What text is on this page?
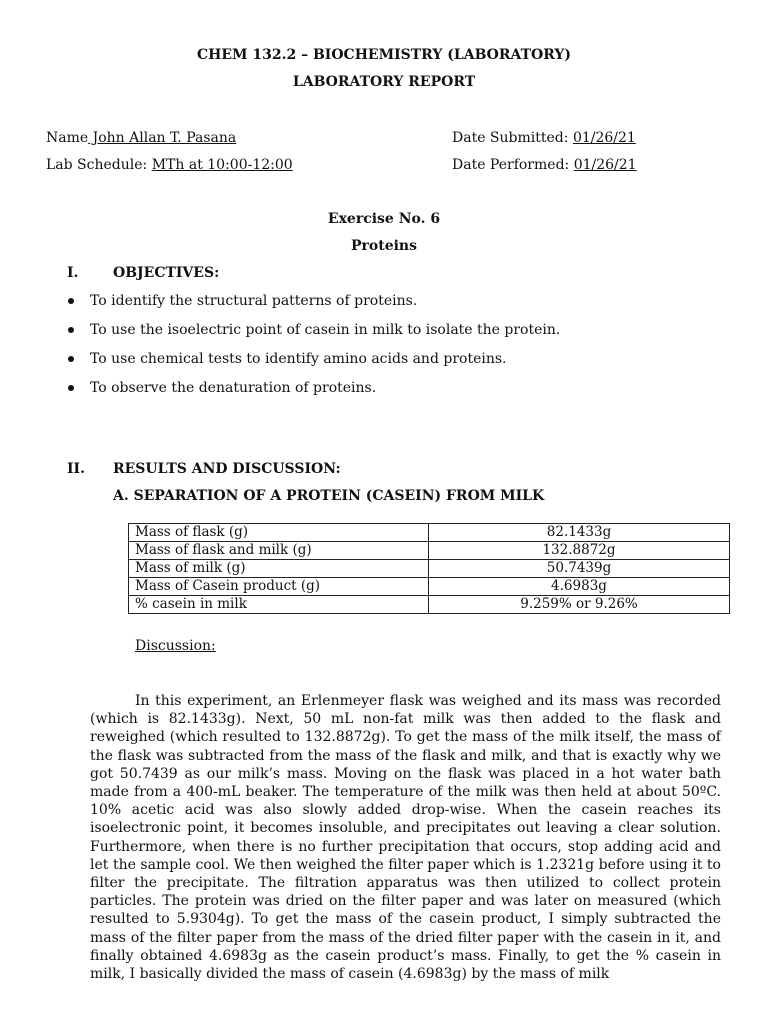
CHEM 132.2 – BIOCHEMISTRY (LABORATORY)
LABORATORY REPORT
Name John Allan T. Pasana	Date Submitted: 01/26/21
Lab Schedule: MTh at 10:00-12:00	Date Performed: 01/26/21
Exercise No. 6
Proteins
I. OBJECTIVES:
To identify the structural patterns of proteins.
To use the isoelectric point of casein in milk to isolate the protein.
To use chemical tests to identify amino acids and proteins.
To observe the denaturation of proteins.
II. RESULTS AND DISCUSSION:
A. SEPARATION OF A PROTEIN (CASEIN) FROM MILK
Mass of flask (g)	82.1433g
Mass of flask and milk (g)	132.8872g
Mass of milk (g)	50.7439g
Mass of Casein product (g)	4.6983g
% casein in milk	9.259% or 9.26%
Discussion:

In this experiment, an Erlenmeyer flask was weighed and its mass was recorded (which is 82.1433g). Next, 50 mL non-fat milk was then added to the flask and reweighed (which resulted to 132.8872g). To get the mass of the milk itself, the mass of the flask was subtracted from the mass of the flask and milk, and that is exactly why we got 50.7439 as our milk’s mass. Moving on the flask was placed in a hot water bath made from a 400-mL beaker. The temperature of the milk was then held at about 50ºC. 10% acetic acid was also slowly added drop-wise. When the casein reaches its isoelectronic point, it becomes insoluble, and precipitates out leaving a clear solution. Furthermore, when there is no further precipitation that occurs, stop adding acid and let the sample cool. We then weighed the filter paper which is 1.2321g before using it to filter the precipitate. The filtration apparatus was then utilized to collect protein particles. The protein was dried on the filter paper and was later on measured (which resulted to 5.9304g). To get the mass of the casein product, I simply subtracted the mass of the filter paper from the mass of the dried filter paper with the casein in it, and finally obtained 4.6983g as the casein product’s mass. Finally, to get the % casein in milk, I basically divided the mass of casein (4.6983g) by the mass of milk
